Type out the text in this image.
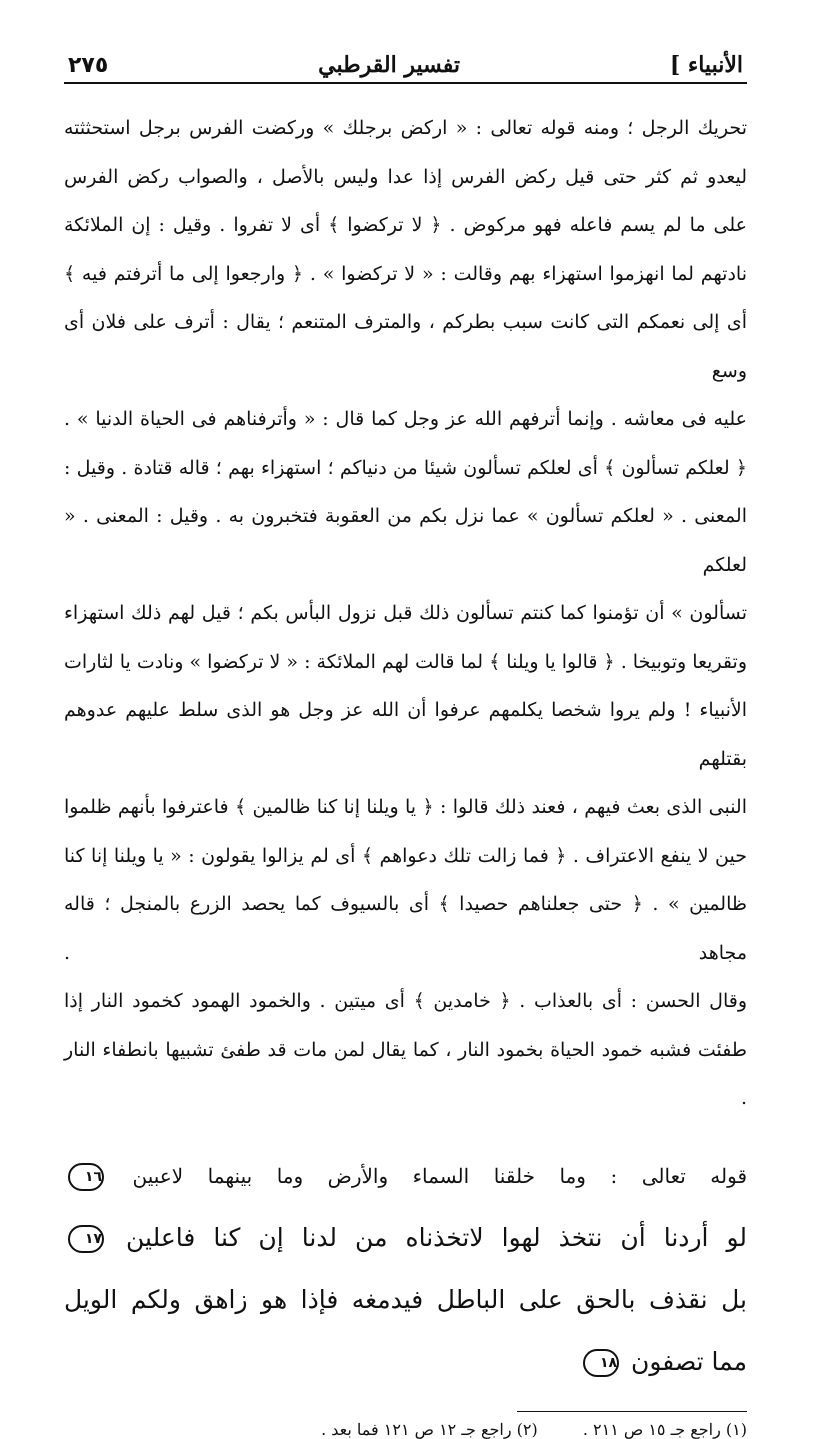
الأنبياء ]
تفسير القرطبي
٢٧٥
تحريك الرجل ؛ ومنه قوله تعالى : « اركض برجلك » وركضت الفرس برجل استحثثته
ليعدو ثم كثر حتى قيل ركض الفرس إذا عدا وليس بالأصل ، والصواب ركض الفرس
على ما لم يسم فاعله فهو مركوض . ﴿ لا تركضوا ﴾ أى لا تفروا . وقيل : إن الملائكة
نادتهم لما انهزموا استهزاء بهم وقالت : « لا تركضوا » . ﴿ وارجعوا إلى ما أترفتم فيه ﴾
أى إلى نعمكم التى كانت سبب بطركم ، والمترف المتنعم ؛ يقال : أترف على فلان أى وسع
عليه فى معاشه . وإنما أترفهم الله عز وجل كما قال : « وأترفناهم فى الحياة الدنيا » .
﴿ لعلكم تسألون ﴾ أى لعلكم تسألون شيئا من دنياكم ؛ استهزاء بهم ؛ قاله قتادة . وقيل :
المعنى . « لعلكم تسألون » عما نزل بكم من العقوبة فتخبرون به . وقيل : المعنى . « لعلكم
تسألون » أن تؤمنوا كما كنتم تسألون ذلك قبل نزول البأس بكم ؛ قيل لهم ذلك استهزاء
وتقريعا وتوبيخا . ﴿ قالوا يا ويلنا ﴾ لما قالت لهم الملائكة : « لا تركضوا » ونادت يا لثارات
الأنبياء ! ولم يروا شخصا يكلمهم عرفوا أن الله عز وجل هو الذى سلط عليهم عدوهم بقتلهم
النبى الذى بعث فيهم ، فعند ذلك قالوا : ﴿ يا ويلنا إنا كنا ظالمين ﴾ فاعترفوا بأنهم ظلموا
حين لا ينفع الاعتراف . ﴿ فما زالت تلك دعواهم ﴾ أى لم يزالوا يقولون : « يا ويلنا إنا كنا
ظالمين » . ﴿ حتى جعلناهم حصيدا ﴾ أى بالسيوف كما يحصد الزرع بالمنجل ؛ قاله مجاهد .
وقال الحسن : أى بالعذاب . ﴿ خامدين ﴾ أى ميتين . والخمود الهمود كخمود النار إذا
طفئت فشبه خمود الحياة بخمود النار ، كما يقال لمن مات قد طفئ تشبيها بانطفاء النار .
قوله تعالى : وما خلقنا السماء والأرض وما بينهما لاعبين ١٦
لو أردنا أن نتخذ لهوا لاتخذناه من لدنا إن كنا فاعلين ١٧
بل نقذف بالحق على الباطل فيدمغه فإذا هو زاهق ولكم الويل
مما تصفون ١٨
(١) راجع جـ ١٥ ص ٢١١ . (٢) راجع جـ ١٢ ص ١٢١ فما بعد .
